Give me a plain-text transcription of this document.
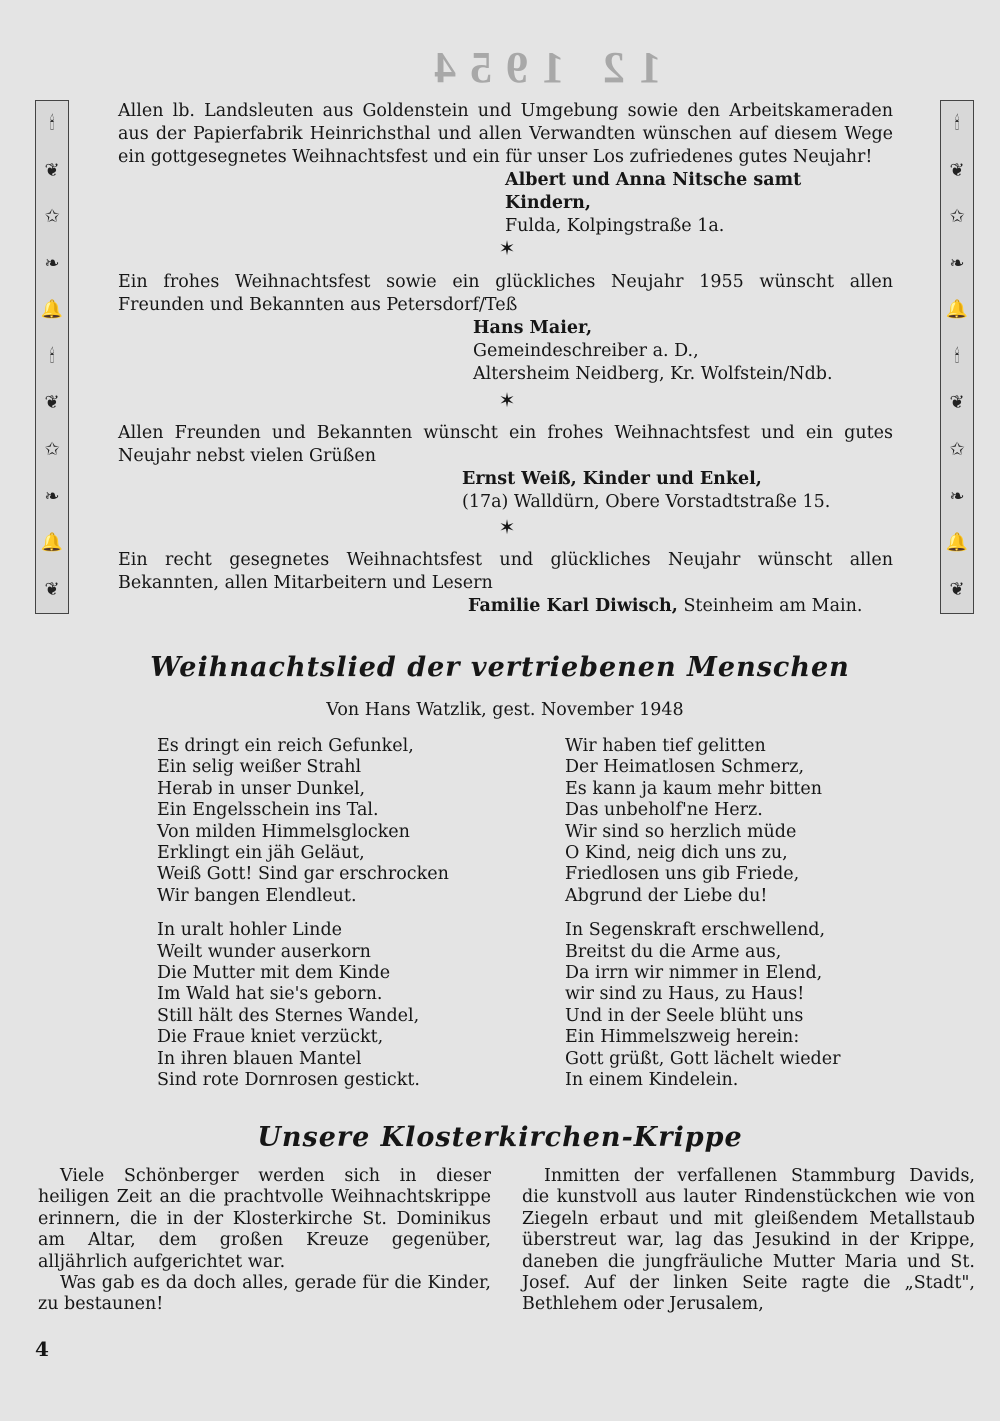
12 1954
🕯
❦
✩
❧
🔔
🕯
❦
✩
❧
🔔
❦
🕯
❦
✩
❧
🔔
🕯
❦
✩
❧
🔔
❦

Allen lb. Landsleuten aus Goldenstein und Umgebung sowie den Arbeitskameraden aus der Papierfabrik Heinrichsthal und allen Verwandten wünschen auf diesem Wege ein gottgesegnetes Weihnachtsfest und ein für unser Los zufriedenes gutes Neujahr!

Albert und Anna Nitsche samt Kindern,
Fulda, Kolpingstraße 1a.
✶

Ein frohes Weihnachtsfest sowie ein glückliches Neujahr 1955 wünscht allen Freunden und Bekannten aus Petersdorf/Teß

Hans Maier,
Gemeindeschreiber a. D.,
Altersheim Neidberg, Kr. Wolfstein/Ndb.
✶

Allen Freunden und Bekannten wünscht ein frohes Weihnachtsfest und ein gutes Neujahr nebst vielen Grüßen

Ernst Weiß, Kinder und Enkel,
(17a) Walldürn, Obere Vorstadtstraße 15.
✶

Ein recht gesegnetes Weihnachtsfest und glückliches Neujahr wünscht allen Bekannten, allen Mitarbeitern und Lesern

Familie Karl Diwisch, Steinheim am Main.
Weihnachtslied der vertriebenen Menschen
Von Hans Watzlik, gest. November 1948
Es dringt ein reich Gefunkel,
Ein selig weißer Strahl
Herab in unser Dunkel,
Ein Engelsschein ins Tal.
Von milden Himmelsglocken
Erklingt ein jäh Geläut,
Weiß Gott! Sind gar erschrocken
Wir bangen Elendleut.
In uralt hohler Linde
Weilt wunder auserkorn
Die Mutter mit dem Kinde
Im Wald hat sie's geborn.
Still hält des Sternes Wandel,
Die Fraue kniet verzückt,
In ihren blauen Mantel
Sind rote Dornrosen gestickt.
Wir haben tief gelitten
Der Heimatlosen Schmerz,
Es kann ja kaum mehr bitten
Das unbeholf'ne Herz.
Wir sind so herzlich müde
O Kind, neig dich uns zu,
Friedlosen uns gib Friede,
Abgrund der Liebe du!
In Segenskraft erschwellend,
Breitst du die Arme aus,
Da irrn wir nimmer in Elend,
wir sind zu Haus, zu Haus!
Und in der Seele blüht uns
Ein Himmelszweig herein:
Gott grüßt, Gott lächelt wieder
In einem Kindelein.
Unsere Klosterkirchen-Krippe

Viele Schönberger werden sich in dieser heiligen Zeit an die prachtvolle Weihnachtskrippe erinnern, die in der Klosterkirche St. Dominikus am Altar, dem großen Kreuze gegenüber, alljährlich aufgerichtet war.

Was gab es da doch alles, gerade für die Kinder, zu bestaunen!

Inmitten der verfallenen Stammburg Davids, die kunstvoll aus lauter Rindenstückchen wie von Ziegeln erbaut und mit gleißendem Metallstaub überstreut war, lag das Jesukind in der Krippe, daneben die jungfräuliche Mutter Maria und St. Josef. Auf der linken Seite ragte die „Stadt", Bethlehem oder Jerusalem,

4
